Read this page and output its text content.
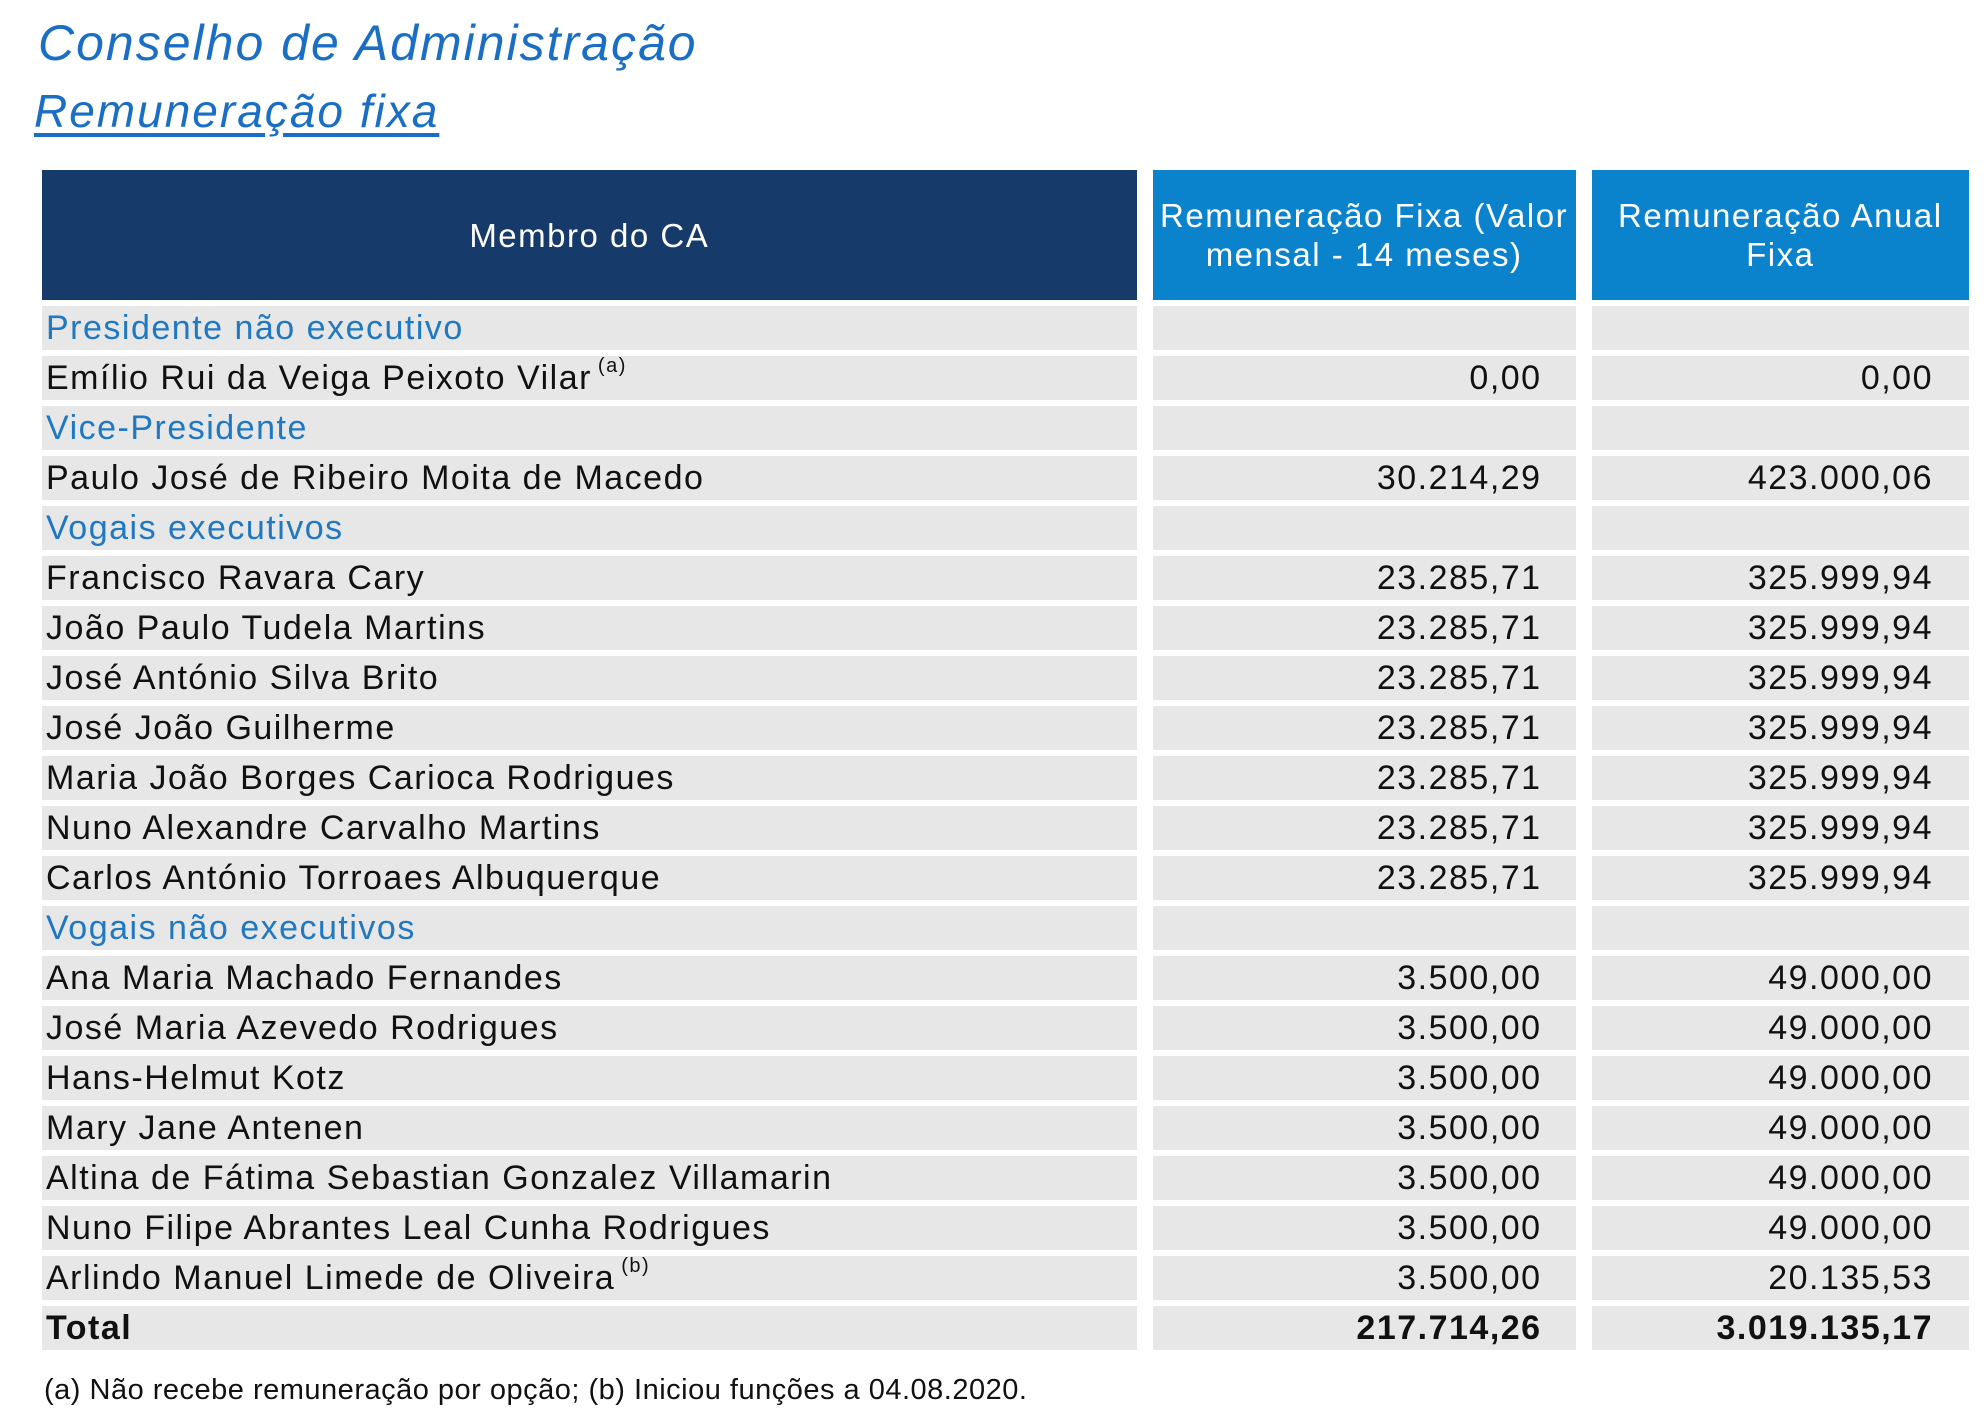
Conselho de Administração
Remuneração fixa
Membro do CA	Remuneração Fixa (Valor mensal - 14 meses)	Remuneração Anual Fixa

Presidente não executivo		
Emílio Rui da Veiga Peixoto Vilar $^{(a)}$	0,00	0,00
Vice-Presidente		
Paulo José de Ribeiro Moita de Macedo	30.214,29	423.000,06
Vogais executivos		
Francisco Ravara Cary	23.285,71	325.999,94
João Paulo Tudela Martins	23.285,71	325.999,94
José António Silva Brito	23.285,71	325.999,94
José João Guilherme	23.285,71	325.999,94
Maria João Borges Carioca Rodrigues	23.285,71	325.999,94
Nuno Alexandre Carvalho Martins	23.285,71	325.999,94
Carlos António Torroaes Albuquerque	23.285,71	325.999,94
Vogais não executivos		
Ana Maria Machado Fernandes	3.500,00	49.000,00
José Maria Azevedo Rodrigues	3.500,00	49.000,00
Hans-Helmut Kotz	3.500,00	49.000,00
Mary Jane Antenen	3.500,00	49.000,00
Altina de Fátima Sebastian Gonzalez Villamarin	3.500,00	49.000,00
Nuno Filipe Abrantes Leal Cunha Rodrigues	3.500,00	49.000,00
Arlindo Manuel Limede de Oliveira $^{(b)}$	3.500,00	20.135,53
Total	217.714,26	3.019.135,17

(a) Não recebe remuneração por opção; (b) Iniciou funções a 04.08.2020.
